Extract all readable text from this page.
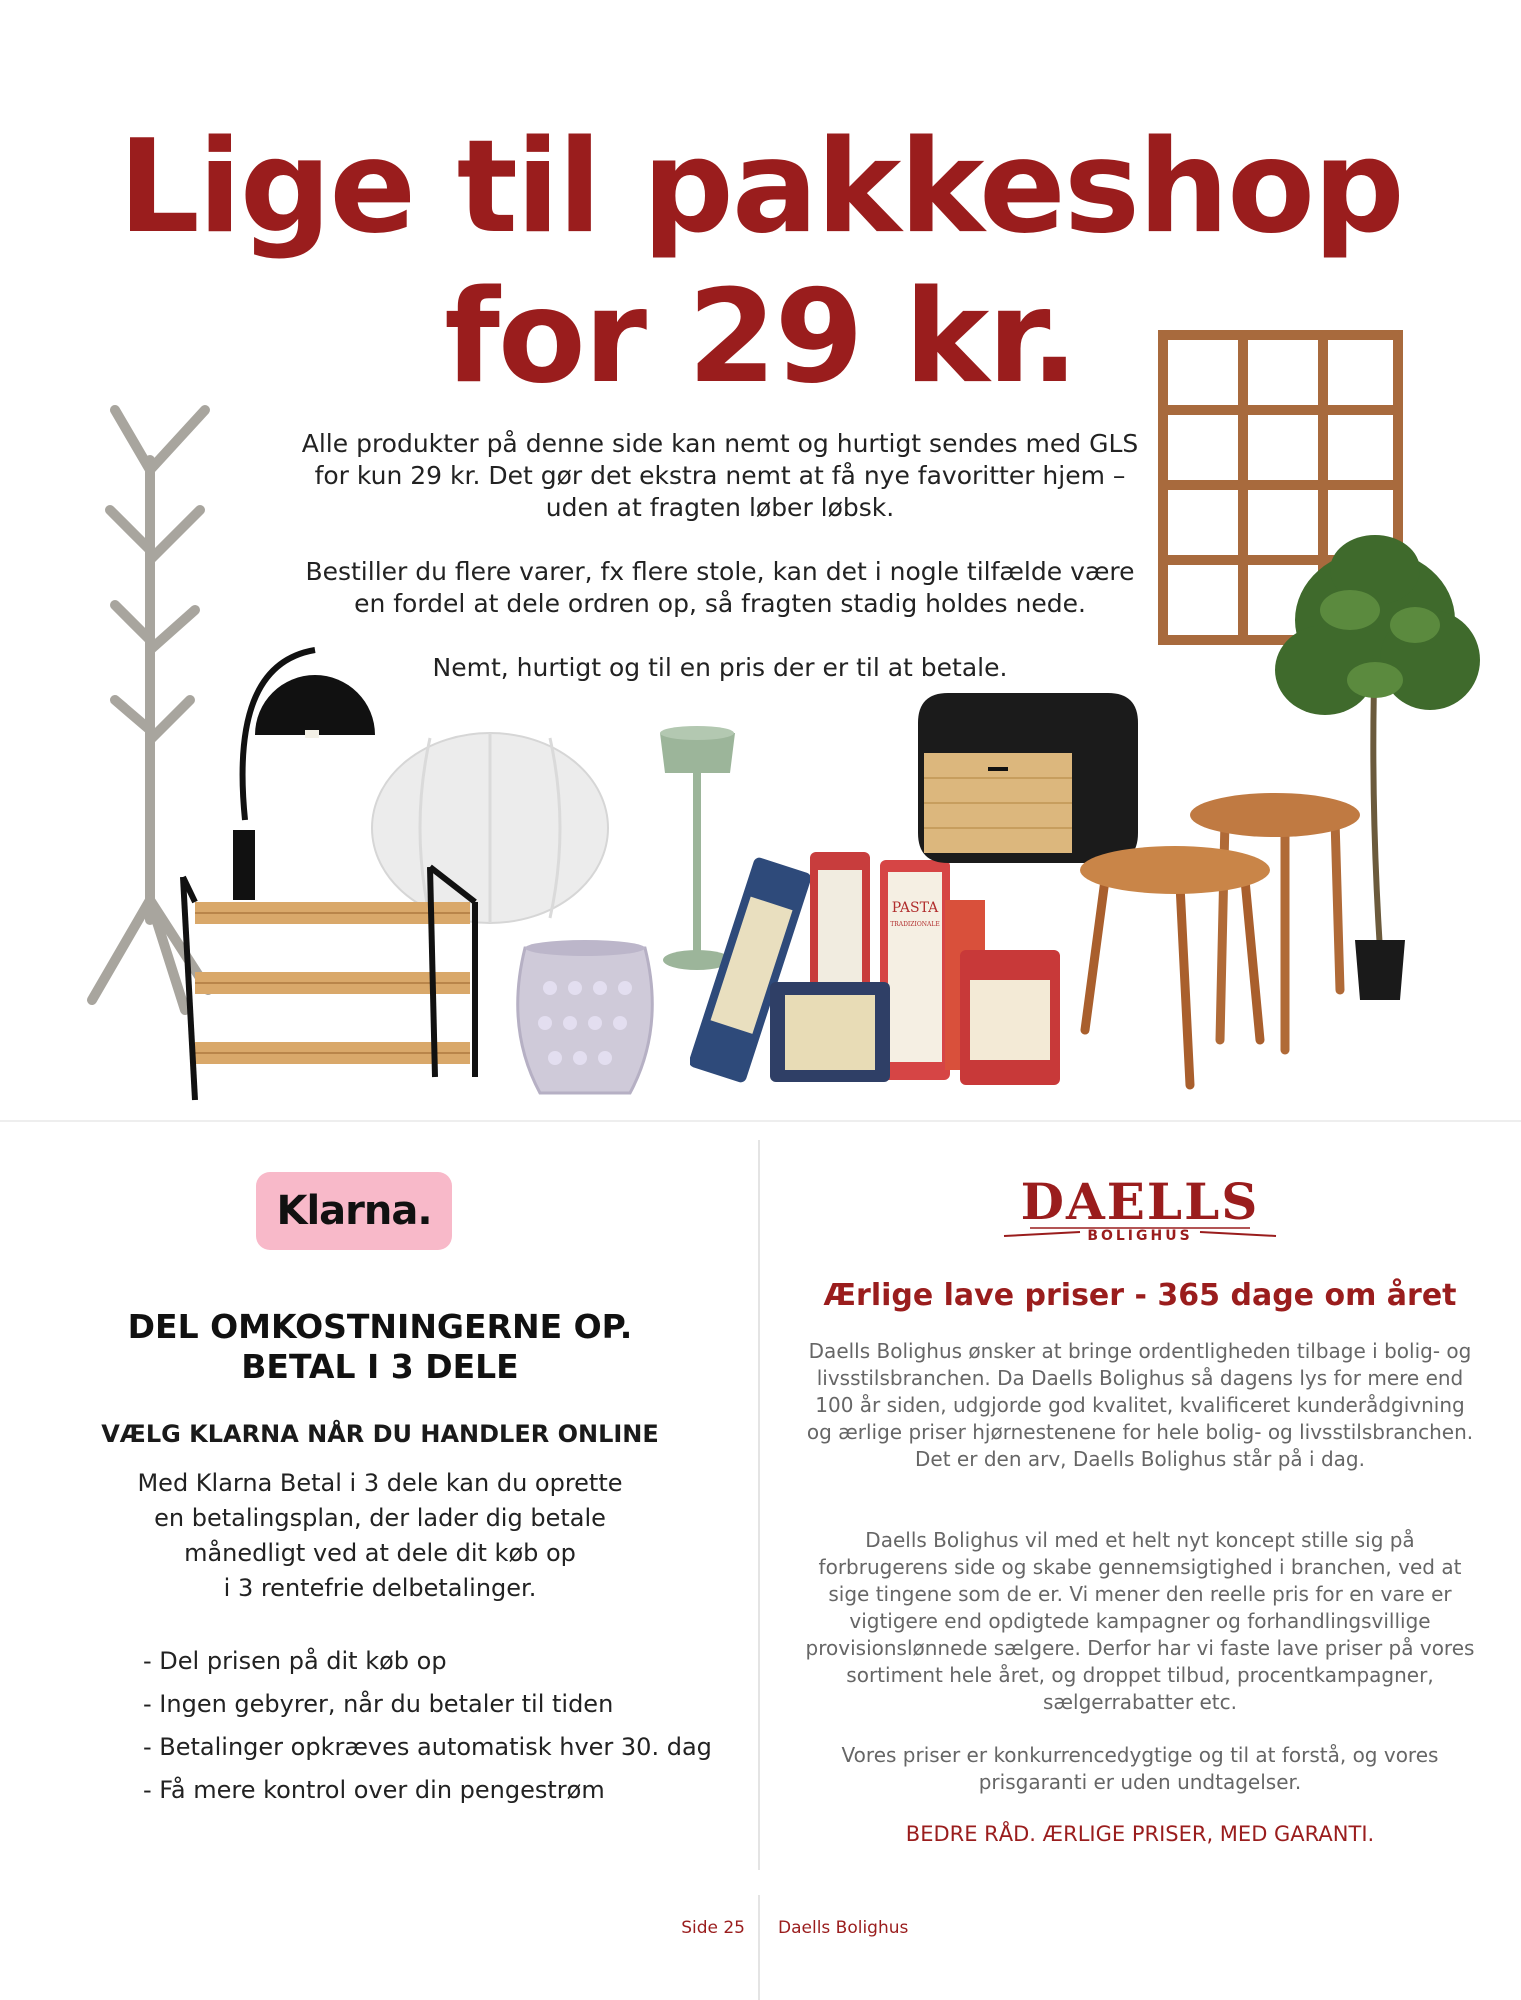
Lige til pakkeshop
for 29 kr.

Alle produkter på denne side kan nemt og hurtigt sendes med GLS for kun 29 kr. Det gør det ekstra nemt at få nye favoritter hjem – uden at fragten løber løbsk.

Bestiller du flere varer, fx flere stole, kan det i nogle tilfælde være en fordel at dele ordren op, så fragten stadig holdes nede.

Nemt, hurtigt og til en pris der er til at betale.

PASTA
TRADIZIONALE
Klarna.
DEL OMKOSTNINGERNE OP.
BETAL I 3 DELE
VÆLG KLARNA NÅR DU HANDLER ONLINE

Med Klarna Betal i 3 dele kan du oprette

en betalingsplan, der lader dig betale

månedligt ved at dele dit køb op

i 3 rentefrie delbetalinger.

- Del prisen på dit køb op
- Ingen gebyrer, når du betaler til tiden
- Betalinger opkræves automatisk hver 30. dag
- Få mere kontrol over din pengestrøm
DAELLS
BOLIGHUS
Ærlige lave priser - 365 dage om året

Daells Bolighus ønsker at bringe ordentligheden tilbage i bolig- og livsstilsbranchen. Da Daells Bolighus så dagens lys for mere end 100 år siden, udgjorde god kvalitet, kvalificeret kunderådgivning og ærlige priser hjørnestenene for hele bolig- og livsstilsbranchen. Det er den arv, Daells Bolighus står på i dag.

Daells Bolighus vil med et helt nyt koncept stille sig på forbrugerens side og skabe gennemsigtighed i branchen, ved at sige tingene som de er. Vi mener den reelle pris for en vare er vigtigere end opdigtede kampagner og forhandlingsvillige provisionslønnede sælgere. Derfor har vi faste lave priser på vores sortiment hele året, og droppet tilbud, procentkampagner, sælgerrabatter etc.

Vores priser er konkurrencedygtige og til at forstå, og vores prisgaranti er uden undtagelser.

BEDRE RÅD. ÆRLIGE PRISER, MED GARANTI.

Side 25 Daells Bolighus
